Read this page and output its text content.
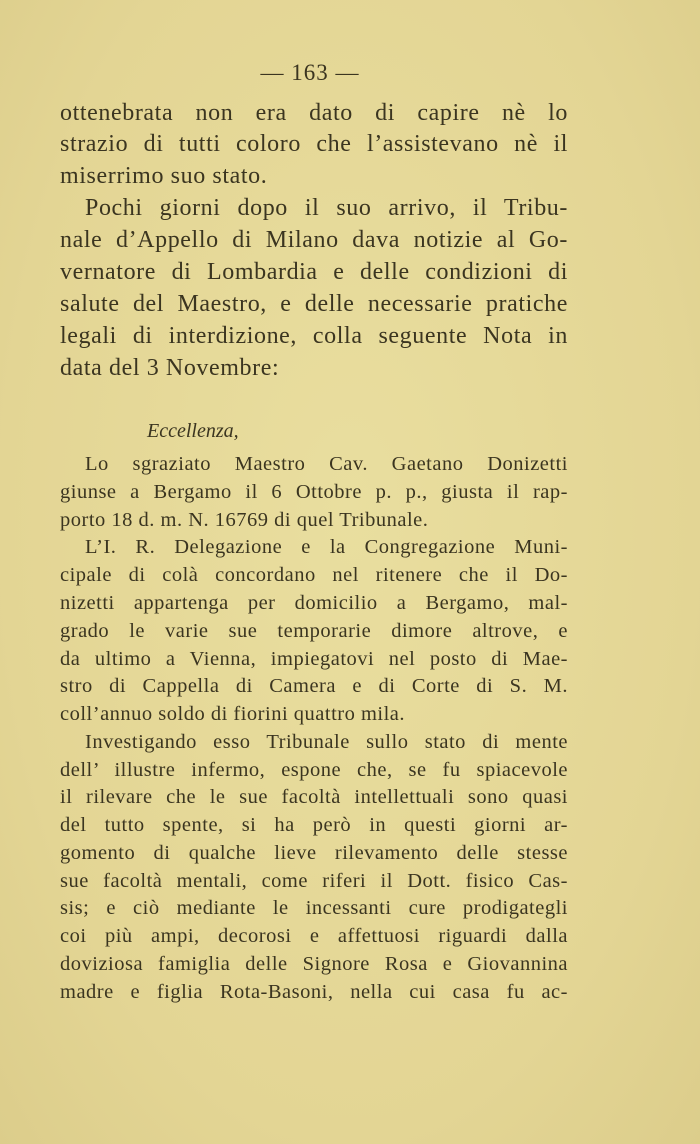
— 163 —
ottenebrata non era dato di capire nè lo
strazio di tutti coloro che l’assistevano nè il
miserrimo suo stato.
Pochi giorni dopo il suo arrivo, il Tribu-
nale d’Appello di Milano dava notizie al Go-
vernatore di Lombardia e delle condizioni di
salute del Maestro, e delle necessarie pratiche
legali di interdizione, colla seguente Nota in
data del 3 Novembre:
Eccellenza,
Lo sgraziato Maestro Cav. Gaetano Donizetti
giunse a Bergamo il 6 Ottobre p. p., giusta il rap-
porto 18 d. m. N. 16769 di quel Tribunale.
L’I. R. Delegazione e la Congregazione Muni-
cipale di colà concordano nel ritenere che il Do-
nizetti appartenga per domicilio a Bergamo, mal-
grado le varie sue temporarie dimore altrove, e
da ultimo a Vienna, impiegatovi nel posto di Mae-
stro di Cappella di Camera e di Corte di S. M.
coll’annuo soldo di fiorini quattro mila.
Investigando esso Tribunale sullo stato di mente
dell’ illustre infermo, espone che, se fu spiacevole
il rilevare che le sue facoltà intellettuali sono quasi
del tutto spente, si ha però in questi giorni ar-
gomento di qualche lieve rilevamento delle stesse
sue facoltà mentali, come riferi il Dott. fisico Cas-
sis; e ciò mediante le incessanti cure prodigategli
coi più ampi, decorosi e affettuosi riguardi dalla
doviziosa famiglia delle Signore Rosa e Giovannina
madre e figlia Rota-Basoni, nella cui casa fu ac-
